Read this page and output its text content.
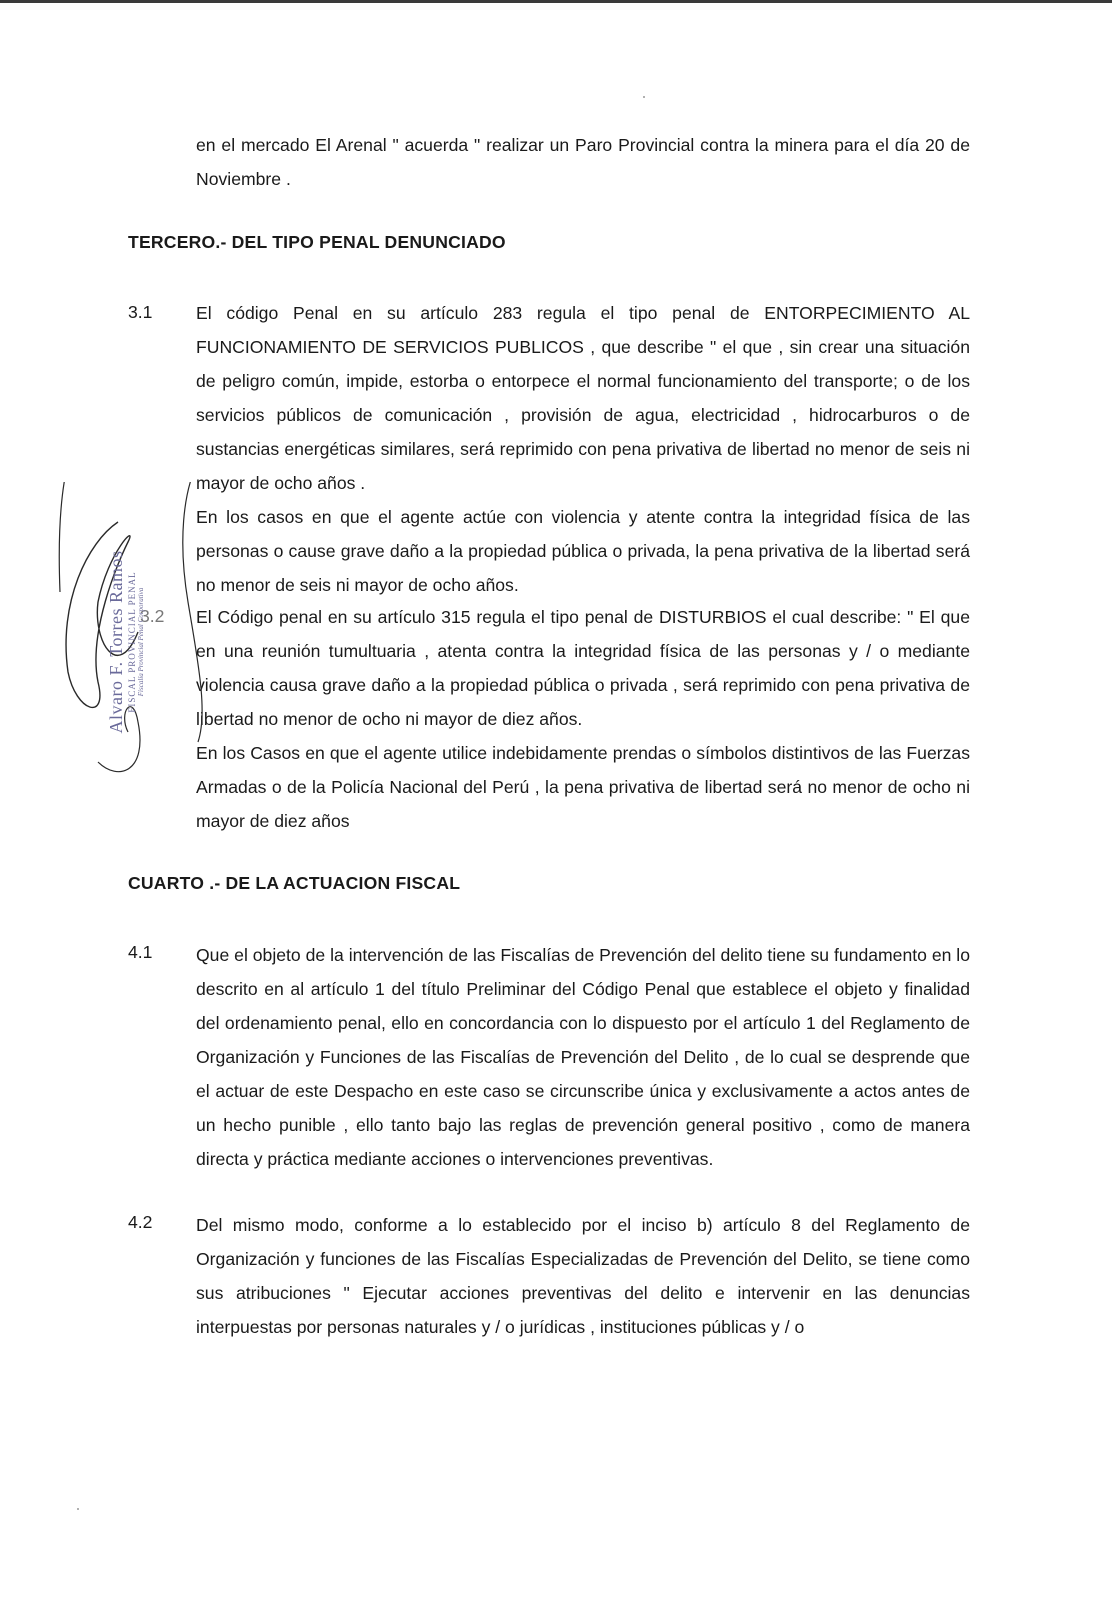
en el mercado El Arenal " acuerda " realizar un Paro Provincial contra la minera para el día 20 de Noviembre .
TERCERO.- DEL TIPO PENAL DENUNCIADO
3.1 El código Penal en su artículo 283 regula el tipo penal de ENTORPECIMIENTO AL FUNCIONAMIENTO DE SERVICIOS PUBLICOS , que describe " el que , sin crear una situación de peligro común, impide, estorba o entorpece el normal funcionamiento del transporte; o de los servicios públicos de comunicación , provisión de agua, electricidad , hidrocarburos o de sustancias energéticas similares, será reprimido con pena privativa de libertad no menor de seis ni mayor de ocho años .
En los casos en que el agente actúe con violencia y atente contra la integridad física de las personas o cause grave daño a la propiedad pública o privada, la pena privativa de la libertad será no menor de seis ni mayor de ocho años.
3.2 El Código penal en su artículo 315 regula el tipo penal de DISTURBIOS el cual describe: " El que en una reunión tumultuaria , atenta contra la integridad física de las personas y / o mediante violencia causa grave daño a la propiedad pública o privada , será reprimido con pena privativa de libertad no menor de ocho ni mayor de diez años.
En los Casos en que el agente utilice indebidamente prendas o símbolos distintivos de las Fuerzas Armadas o de la Policía Nacional del Perú , la pena privativa de libertad será no menor de ocho ni mayor de diez años
CUARTO .- DE LA ACTUACION FISCAL
4.1 Que el objeto de la intervención de las Fiscalías de Prevención del delito tiene su fundamento en lo descrito en al artículo 1 del título Preliminar del Código Penal que establece el objeto y finalidad del ordenamiento penal, ello en concordancia con lo dispuesto por el artículo 1 del Reglamento de Organización y Funciones de las Fiscalías de Prevención del Delito , de lo cual se desprende que el actuar de este Despacho en este caso se circunscribe única y exclusivamente a actos antes de un hecho punible , ello tanto bajo las reglas de prevención general positivo , como de manera directa y práctica mediante acciones o intervenciones preventivas.
4.2 Del mismo modo, conforme a lo establecido por el inciso b) artículo 8 del Reglamento de Organización y funciones de las Fiscalías Especializadas de Prevención del Delito, se tiene como sus atribuciones " Ejecutar acciones preventivas del delito e intervenir en las denuncias interpuestas por personas naturales y / o jurídicas , instituciones públicas y / o
Alvaro F. Torres Ramos FISCAL PROVINCIAL PENAL Fiscalía Provincial Penal Corporativa
